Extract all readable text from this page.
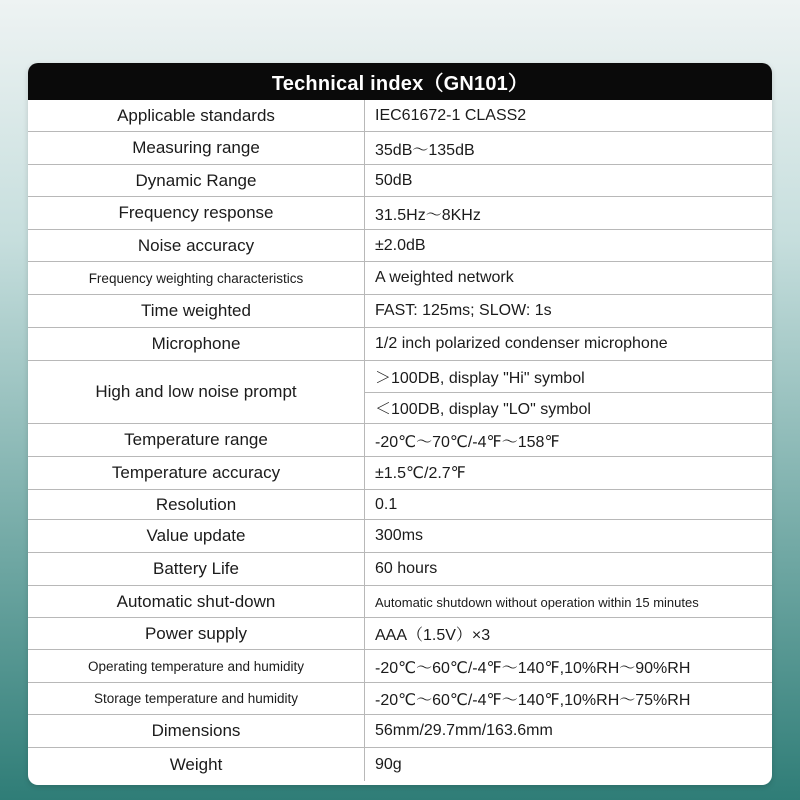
Technical index（GN101）
Applicable standards	IEC61672-1 CLASS2
Measuring range	35dB～135dB
Dynamic Range	50dB
Frequency response	31.5Hz～8KHz
Noise accuracy	±2.0dB
Frequency weighting characteristics	A weighted network
Time weighted	FAST: 125ms; SLOW: 1s
Microphone	1/2 inch polarized condenser microphone
High and low noise prompt
＞100DB, display "Hi" symbol
＜100DB, display "LO" symbol
Temperature range	-20℃～70℃/-4℉～158℉
Temperature accuracy	±1.5℃/2.7℉
Resolution	0.1
Value update	300ms
Battery Life	60 hours
Automatic shut-down	Automatic shutdown without operation within 15 minutes
Power supply	AAA（1.5V）×3
Operating temperature and humidity	-20℃～60℃/-4℉～140℉,10%RH～90%RH
Storage temperature and humidity	-20℃～60℃/-4℉～140℉,10%RH～75%RH
Dimensions	56mm/29.7mm/163.6mm
Weight	90g
